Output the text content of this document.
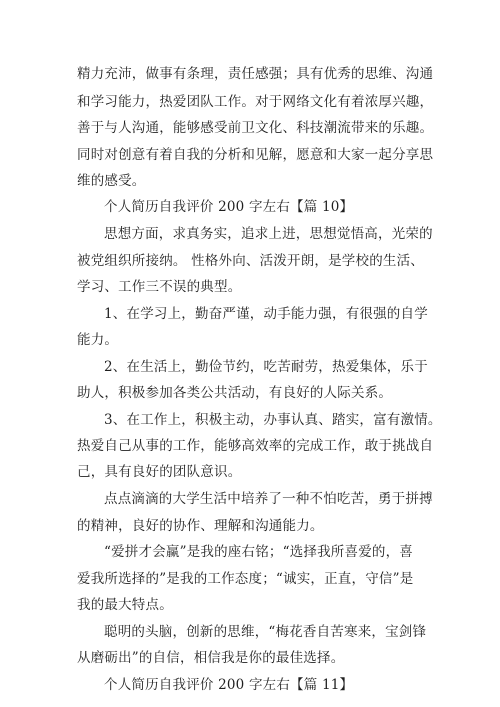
精力充沛，做事有条理，责任感强；具有优秀的思维、沟通
和学习能力，热爱团队工作。对于网络文化有着浓厚兴趣，
善于与人沟通，能够感受前卫文化、科技潮流带来的乐趣。
同时对创意有着自我的分析和见解，愿意和大家一起分享思
维的感受。
个人简历自我评价 200 字左右【篇 10】
思想方面，求真务实，追求上进，思想觉悟高，光荣的
被党组织所接纳。 性格外向、活泼开朗，是学校的生活、
学习、工作三不误的典型。
1、在学习上，勤奋严谨，动手能力强，有很强的自学
能力。
2、在生活上，勤俭节约，吃苦耐劳，热爱集体，乐于
助人，积极参加各类公共活动，有良好的人际关系。
3、在工作上，积极主动，办事认真、踏实，富有激情。
热爱自己从事的工作，能够高效率的完成工作，敢于挑战自
己，具有良好的团队意识。
点点滴滴的大学生活中培养了一种不怕吃苦，勇于拼搏
的精神，良好的协作、理解和沟通能力。
“爱拼才会赢”是我的座右铭；“选择我所喜爱的，喜
爱我所选择的”是我的工作态度；“诚实，正直，守信”是
我的最大特点。
聪明的头脑，创新的思维，“梅花香自苦寒来，宝剑锋
从磨砺出”的自信，相信我是你的最佳选择。
个人简历自我评价 200 字左右【篇 11】
